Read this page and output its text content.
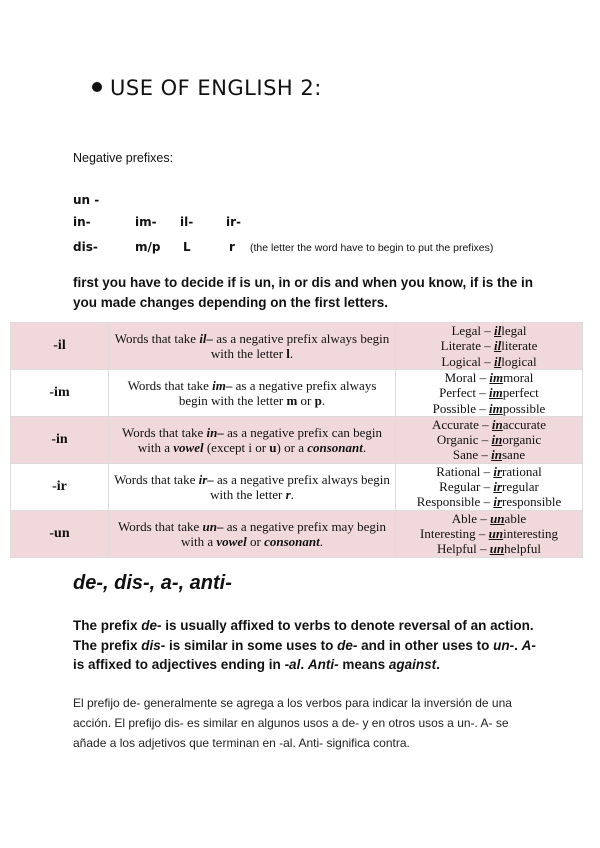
USE OF ENGLISH 2:
Negative prefixes:
un -
in-	im- il-	ir-
dis-	m/p L	r (the letter the word have to begin to put the prefixes)
first you have to decide if is un, in or dis and when you know, if is the in you made changes depending on the first letters.
-il	Words that take il– as a negative prefix always begin with the letter l.	Legal – illegal
Literate – illiterate
Logical – illogical

-im	Words that take im– as a negative prefix always begin with the letter m or p.	Moral – immoral
Perfect – imperfect
Possible – impossible

-in	Words that take in– as a negative prefix can begin with a vowel (except i or u) or a consonant.	Accurate – inaccurate
Organic – inorganic
Sane – insane

-ir	Words that take ir– as a negative prefix always begin with the letter r.	Rational – irrational
Regular – irregular
Responsible – irresponsible

-un	Words that take un– as a negative prefix may begin with a vowel or consonant.	Able – unable
Interesting – uninteresting
Helpful – unhelpful
de-, dis-, a-, anti-
The prefix de- is usually affixed to verbs to denote reversal of an action. The prefix dis- is similar in some uses to de- and in other uses to un-. A- is affixed to adjectives ending in -al. Anti- means against.
El prefijo de- generalmente se agrega a los verbos para indicar la inversión de una acción. El prefijo dis- es similar en algunos usos a de- y en otros usos a un-. A- se añade a los adjetivos que terminan en -al. Anti- significa contra.
